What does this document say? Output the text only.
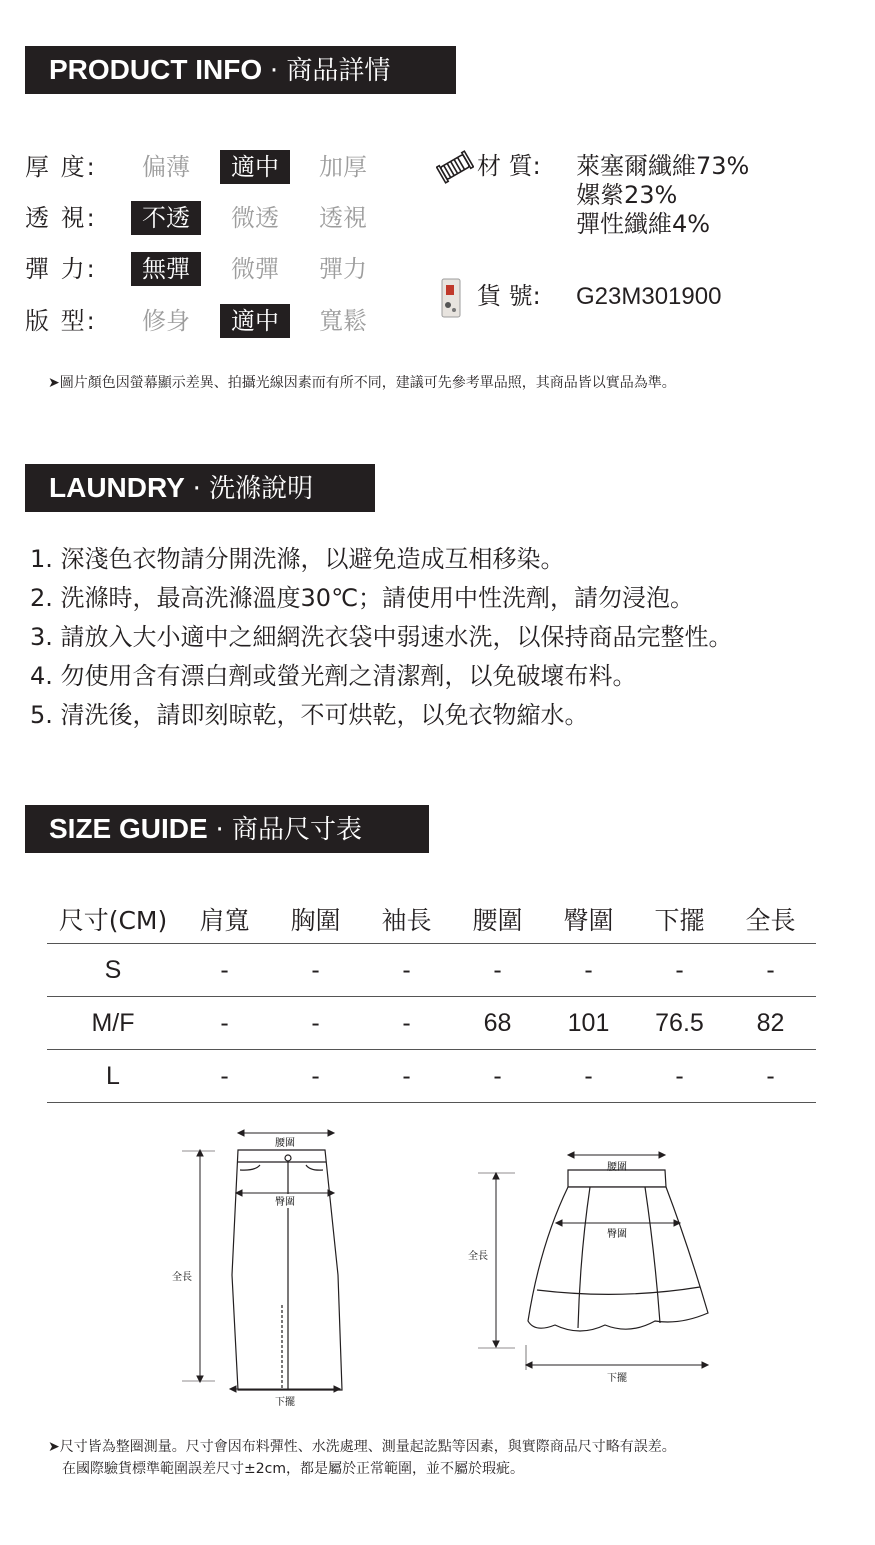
PRODUCT INFO · 商品詳情
厚 度:	偏薄	適中	加厚
透 視:	不透	微透	透視
彈 力:	無彈	微彈	彈力
版 型:	修身	適中	寬鬆
材 質: 萊塞爾纖維73%
嫘縈23%
彈性纖維4%
貨 號: G23M301900
➤圖片顏色因螢幕顯示差異、拍攝光線因素而有所不同，建議可先參考單品照，其商品皆以實品為準。
LAUNDRY · 洗滌說明
1. 深淺色衣物請分開洗滌，以避免造成互相移染。
2. 洗滌時，最高洗滌溫度30℃；請使用中性洗劑，請勿浸泡。
3. 請放入大小適中之細網洗衣袋中弱速水洗，以保持商品完整性。
4. 勿使用含有漂白劑或螢光劑之清潔劑，以免破壞布料。
5. 清洗後，請即刻晾乾，不可烘乾，以免衣物縮水。
SIZE GUIDE · 商品尺寸表
尺寸(CM)	肩寬	胸圍	袖長	腰圍	臀圍	下擺	全長
S	-	-	-	-	-	-	-
M/F	-	-	-	68	101	76.5	82
L	-	-	-	-	-	-	-
腰圍
臀圍
全長
下擺
腰圍
臀圍
全長
下擺
➤尺寸皆為整圈測量。尺寸會因布料彈性、水洗處理、測量起訖點等因素，與實際商品尺寸略有誤差。
在國際驗貨標準範圍誤差尺寸±2cm，都是屬於正常範圍，並不屬於瑕疵。
